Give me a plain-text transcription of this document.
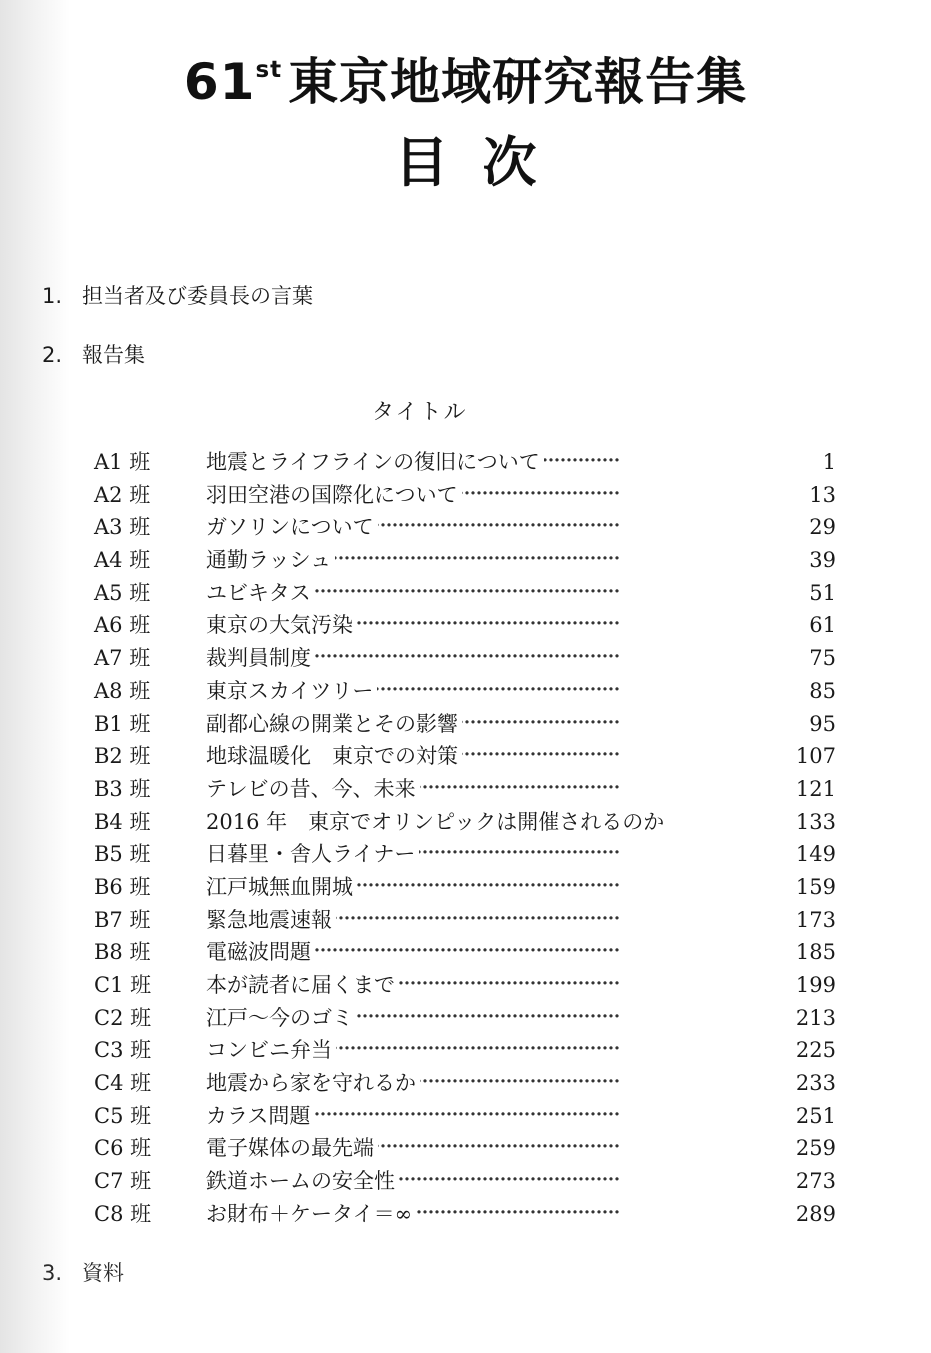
61st 東京地域研究報告集
目次
1. 担当者及び委員長の言葉
2. 報告集
タイトル
A1 班	地震とライフラインの復旧について ・・・・・・・・・・・・・・・・・・・・・・・・・・・・・・・・・・・・・・・・・・・・・・・・・・・・・・・・・・・・・・・・・・・・	1
A2 班	羽田空港の国際化について ・・・・・・・・・・・・・・・・・・・・・・・・・・・・・・・・・・・・・・・・・・・・・・・・・・・・・・・・・・・・・・・・・・・・	13
A3 班	ガソリンについて ・・・・・・・・・・・・・・・・・・・・・・・・・・・・・・・・・・・・・・・・・・・・・・・・・・・・・・・・・・・・・・・・・・・・	29
A4 班	通勤ラッシュ ・・・・・・・・・・・・・・・・・・・・・・・・・・・・・・・・・・・・・・・・・・・・・・・・・・・・・・・・・・・・・・・・・・・・	39
A5 班	ユビキタス ・・・・・・・・・・・・・・・・・・・・・・・・・・・・・・・・・・・・・・・・・・・・・・・・・・・・・・・・・・・・・・・・・・・・	51
A6 班	東京の大気汚染 ・・・・・・・・・・・・・・・・・・・・・・・・・・・・・・・・・・・・・・・・・・・・・・・・・・・・・・・・・・・・・・・・・・・・	61
A7 班	裁判員制度 ・・・・・・・・・・・・・・・・・・・・・・・・・・・・・・・・・・・・・・・・・・・・・・・・・・・・・・・・・・・・・・・・・・・・	75
A8 班	東京スカイツリー ・・・・・・・・・・・・・・・・・・・・・・・・・・・・・・・・・・・・・・・・・・・・・・・・・・・・・・・・・・・・・・・・・・・・	85
B1 班	副都心線の開業とその影響 ・・・・・・・・・・・・・・・・・・・・・・・・・・・・・・・・・・・・・・・・・・・・・・・・・・・・・・・・・・・・・・・・・・・・	95
B2 班	地球温暖化　東京での対策 ・・・・・・・・・・・・・・・・・・・・・・・・・・・・・・・・・・・・・・・・・・・・・・・・・・・・・・・・・・・・・・・・・・・・	107
B3 班	テレビの昔、今、未来 ・・・・・・・・・・・・・・・・・・・・・・・・・・・・・・・・・・・・・・・・・・・・・・・・・・・・・・・・・・・・・・・・・・・・	121
B4 班	2016 年　東京でオリンピックは開催されるのか ・・・・・・・・・・・・・・・・・・・・・・・・・・・・・・・・・・・・・・・・・・・・・・・・・・・・・・・・・・・・・・・・・・・・	133
B5 班	日暮里・舎人ライナー ・・・・・・・・・・・・・・・・・・・・・・・・・・・・・・・・・・・・・・・・・・・・・・・・・・・・・・・・・・・・・・・・・・・・	149
B6 班	江戸城無血開城 ・・・・・・・・・・・・・・・・・・・・・・・・・・・・・・・・・・・・・・・・・・・・・・・・・・・・・・・・・・・・・・・・・・・・	159
B7 班	緊急地震速報 ・・・・・・・・・・・・・・・・・・・・・・・・・・・・・・・・・・・・・・・・・・・・・・・・・・・・・・・・・・・・・・・・・・・・	173
B8 班	電磁波問題 ・・・・・・・・・・・・・・・・・・・・・・・・・・・・・・・・・・・・・・・・・・・・・・・・・・・・・・・・・・・・・・・・・・・・	185
C1 班	本が読者に届くまで ・・・・・・・・・・・・・・・・・・・・・・・・・・・・・・・・・・・・・・・・・・・・・・・・・・・・・・・・・・・・・・・・・・・・	199
C2 班	江戸～今のゴミ ・・・・・・・・・・・・・・・・・・・・・・・・・・・・・・・・・・・・・・・・・・・・・・・・・・・・・・・・・・・・・・・・・・・・	213
C3 班	コンビニ弁当 ・・・・・・・・・・・・・・・・・・・・・・・・・・・・・・・・・・・・・・・・・・・・・・・・・・・・・・・・・・・・・・・・・・・・	225
C4 班	地震から家を守れるか ・・・・・・・・・・・・・・・・・・・・・・・・・・・・・・・・・・・・・・・・・・・・・・・・・・・・・・・・・・・・・・・・・・・・	233
C5 班	カラス問題 ・・・・・・・・・・・・・・・・・・・・・・・・・・・・・・・・・・・・・・・・・・・・・・・・・・・・・・・・・・・・・・・・・・・・	251
C6 班	電子媒体の最先端 ・・・・・・・・・・・・・・・・・・・・・・・・・・・・・・・・・・・・・・・・・・・・・・・・・・・・・・・・・・・・・・・・・・・・	259
C7 班	鉄道ホームの安全性 ・・・・・・・・・・・・・・・・・・・・・・・・・・・・・・・・・・・・・・・・・・・・・・・・・・・・・・・・・・・・・・・・・・・・	273
C8 班	お財布＋ケータイ＝∞ ・・・・・・・・・・・・・・・・・・・・・・・・・・・・・・・・・・・・・・・・・・・・・・・・・・・・・・・・・・・・・・・・・・・・	289
3. 資料
